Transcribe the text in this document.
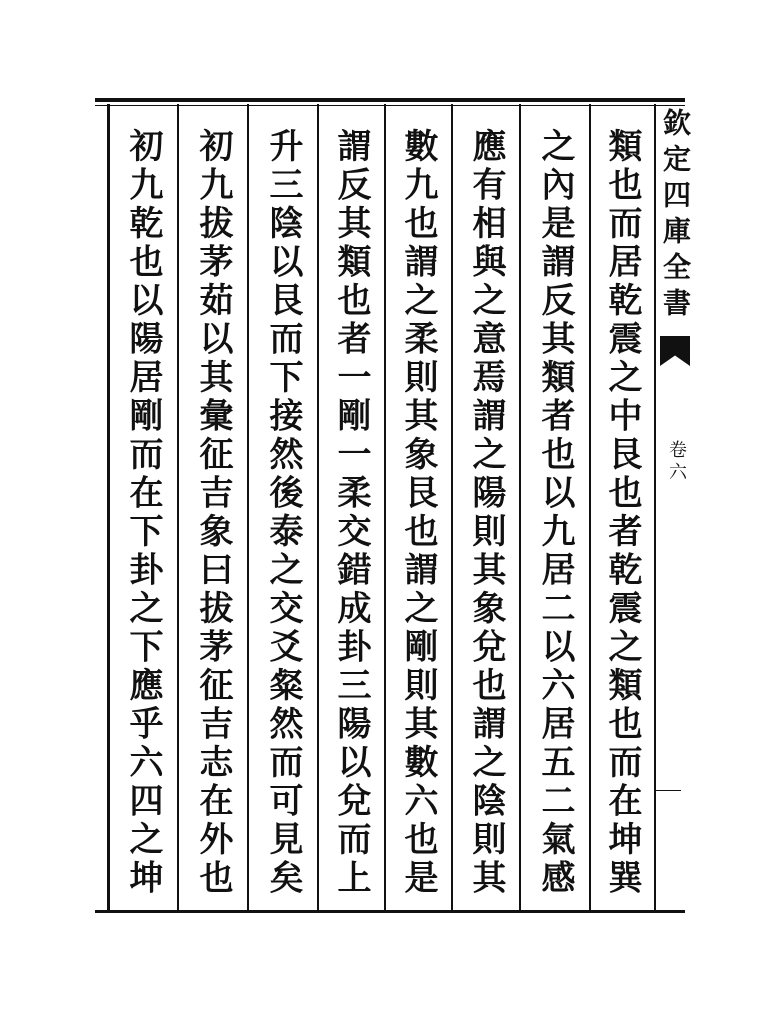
欽定四庫全書
卷六
類也而居乾震之中艮也者乾震之類也而在坤巽
之內是謂反其類者也以九居二以六居五二氣感
應有相與之意焉謂之陽則其象兌也謂之陰則其
數九也謂之柔則其象艮也謂之剛則其數六也是
謂反其類也者一剛一柔交錯成卦三陽以兌而上
升三陰以艮而下接然後泰之交爻粲然而可見矣
初九拔茅茹以其彙征吉象曰拔茅征吉志在外也
初九乾也以陽居剛而在下卦之下應乎六四之坤
